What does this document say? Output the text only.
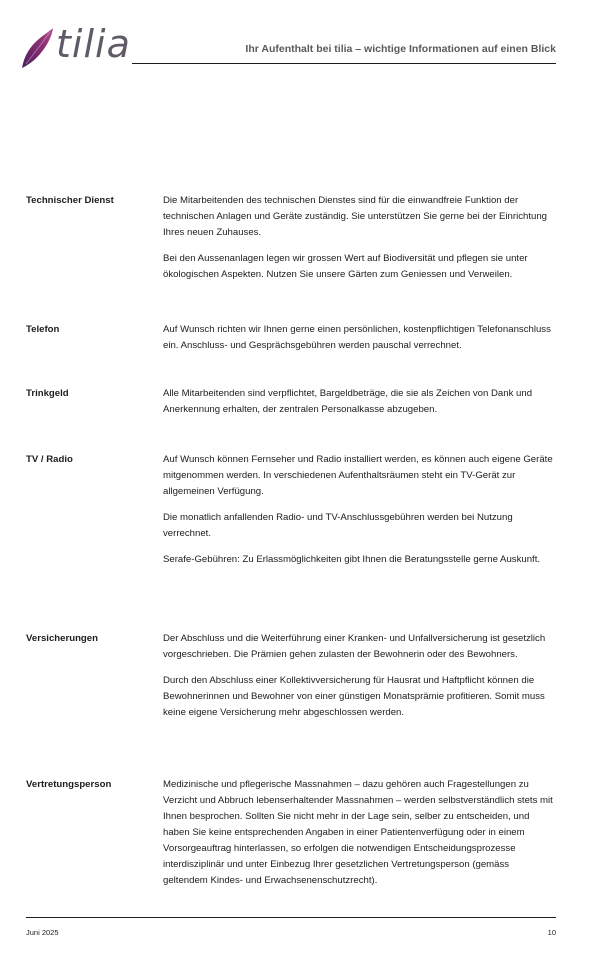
tilia	Ihr Aufenthalt bei tilia – wichtige Informationen auf einen Blick
Technischer Dienst	Die Mitarbeitenden des technischen Dienstes sind für die einwandfreie Funktion der technischen Anlagen und Geräte zuständig. Sie unterstützen Sie gerne bei der Einrichtung Ihres neuen Zuhauses.

Bei den Aussenanlagen legen wir grossen Wert auf Biodiversität und pflegen sie unter ökologischen Aspekten. Nutzen Sie unsere Gärten zum Geniessen und Verweilen.

Telefon	Auf Wunsch richten wir Ihnen gerne einen persönlichen, kostenpflichtigen Telefonanschluss ein. Anschluss- und Gesprächsgebühren werden pauschal verrechnet.

Trinkgeld	Alle Mitarbeitenden sind verpflichtet, Bargeldbeträge, die sie als Zeichen von Dank und Anerkennung erhalten, der zentralen Personalkasse abzugeben.

TV / Radio	Auf Wunsch können Fernseher und Radio installiert werden, es können auch eigene Geräte mitgenommen werden. In verschiedenen Aufenthaltsräumen steht ein TV-Gerät zur allgemeinen Verfügung.

Die monatlich anfallenden Radio- und TV-Anschlussgebühren werden bei Nutzung verrechnet.

Serafe-Gebühren: Zu Erlassmöglichkeiten gibt Ihnen die Beratungsstelle gerne Auskunft.

Versicherungen	Der Abschluss und die Weiterführung einer Kranken- und Unfallversicherung ist gesetzlich vorgeschrieben. Die Prämien gehen zulasten der Bewohnerin oder des Bewohners.

Durch den Abschluss einer Kollektivversicherung für Hausrat und Haftpflicht können die Bewohnerinnen und Bewohner von einer günstigen Monatsprämie profitieren. Somit muss keine eigene Versicherung mehr abgeschlossen werden.

Vertretungsperson	Medizinische und pflegerische Massnahmen – dazu gehören auch Fragestellungen zu Verzicht und Abbruch lebenserhaltender Massnahmen – werden selbstverständlich stets mit Ihnen besprochen. Sollten Sie nicht mehr in der Lage sein, selber zu entscheiden, und haben Sie keine entsprechenden Angaben in einer Patientenverfügung oder in einem Vorsorgeauftrag hinterlassen, so erfolgen die notwendigen Entscheidungsprozesse interdisziplinär und unter Einbezug Ihrer gesetzlichen Vertretungsperson (gemäss geltendem Kindes- und Erwachsenenschutzrecht).

Juni 2025	10
